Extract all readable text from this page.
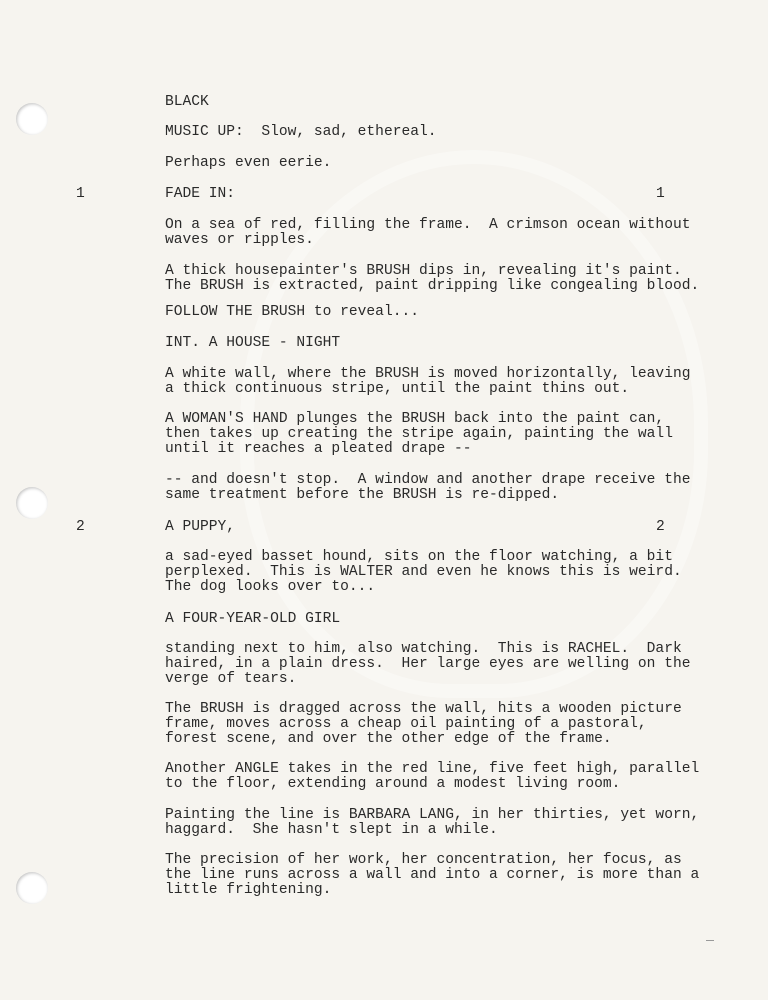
BLACK
MUSIC UP:  Slow, sad, ethereal.
Perhaps even eerie.
1	FADE IN:	1
On a sea of red, filling the frame.  A crimson ocean without
waves or ripples.
A thick housepainter's BRUSH dips in, revealing it's paint.
The BRUSH is extracted, paint dripping like congealing blood.
FOLLOW THE BRUSH to reveal...
INT. A HOUSE - NIGHT
A white wall, where the BRUSH is moved horizontally, leaving
a thick continuous stripe, until the paint thins out.
A WOMAN'S HAND plunges the BRUSH back into the paint can,
then takes up creating the stripe again, painting the wall
until it reaches a pleated drape --
-- and doesn't stop.  A window and another drape receive the
same treatment before the BRUSH is re-dipped.
2	A PUPPY,	2
a sad-eyed basset hound, sits on the floor watching, a bit
perplexed.  This is WALTER and even he knows this is weird.
The dog looks over to...
A FOUR-YEAR-OLD GIRL
standing next to him, also watching.  This is RACHEL.  Dark
haired, in a plain dress.  Her large eyes are welling on the
verge of tears.
The BRUSH is dragged across the wall, hits a wooden picture
frame, moves across a cheap oil painting of a pastoral,
forest scene, and over the other edge of the frame.
Another ANGLE takes in the red line, five feet high, parallel
to the floor, extending around a modest living room.
Painting the line is BARBARA LANG, in her thirties, yet worn,
haggard.  She hasn't slept in a while.
The precision of her work, her concentration, her focus, as
the line runs across a wall and into a corner, is more than a
little frightening.
